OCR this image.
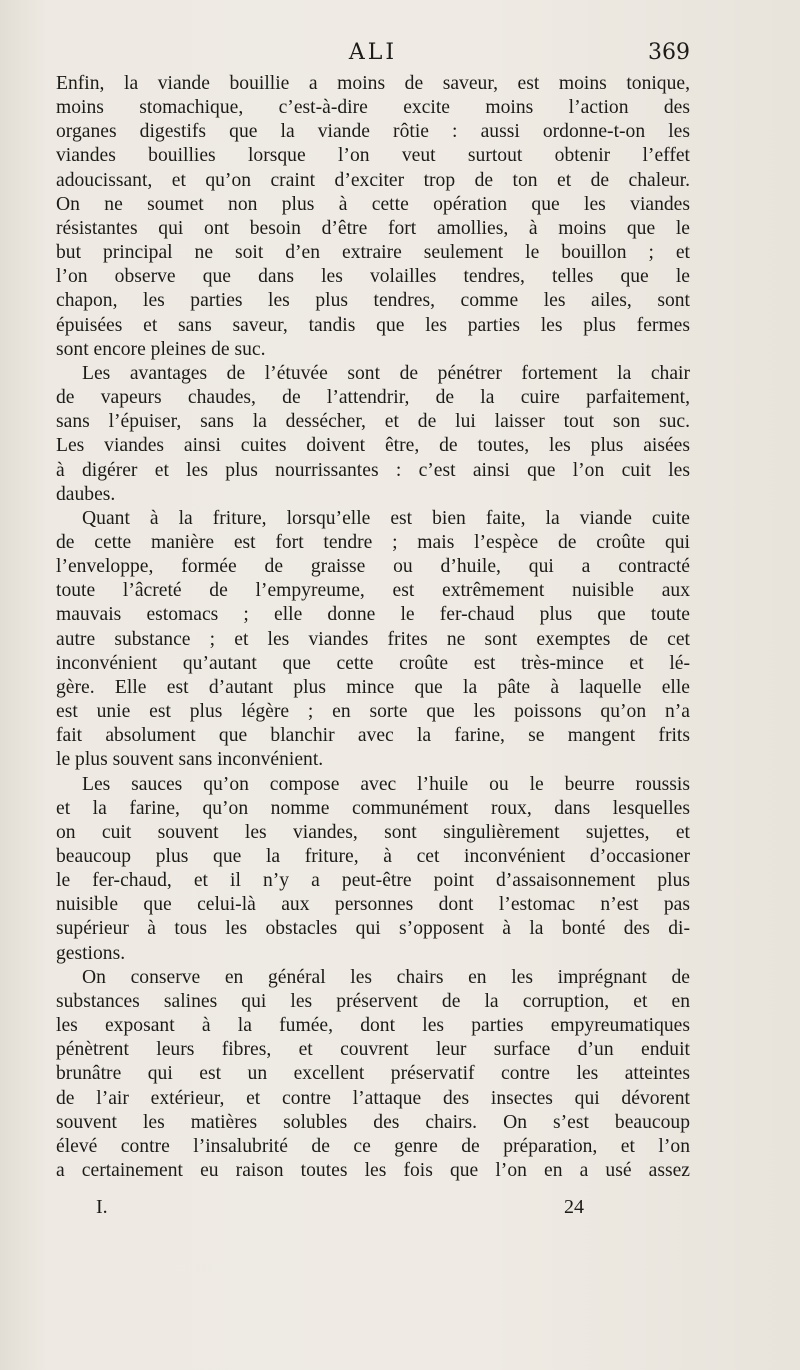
ALI	369

Enfin, la viande bouillie a moins de saveur, est moins tonique,

moins stomachique, c’est-à-dire excite moins l’action des

organes digestifs que la viande rôtie : aussi ordonne-t-on les

viandes bouillies lorsque l’on veut surtout obtenir l’effet

adoucissant, et qu’on craint d’exciter trop de ton et de chaleur.

On ne soumet non plus à cette opération que les viandes

résistantes qui ont besoin d’être fort amollies, à moins que le

but principal ne soit d’en extraire seulement le bouillon ; et

l’on observe que dans les volailles tendres, telles que le

chapon, les parties les plus tendres, comme les ailes, sont

épuisées et sans saveur, tandis que les parties les plus fermes

sont encore pleines de suc.

Les avantages de l’étuvée sont de pénétrer fortement la chair

de vapeurs chaudes, de l’attendrir, de la cuire parfaitement,

sans l’épuiser, sans la dessécher, et de lui laisser tout son suc.

Les viandes ainsi cuites doivent être, de toutes, les plus aisées

à digérer et les plus nourrissantes : c’est ainsi que l’on cuit les

daubes.

Quant à la friture, lorsqu’elle est bien faite, la viande cuite

de cette manière est fort tendre ; mais l’espèce de croûte qui

l’enveloppe, formée de graisse ou d’huile, qui a contracté

toute l’âcreté de l’empyreume, est extrêmement nuisible aux

mauvais estomacs ; elle donne le fer-chaud plus que toute

autre substance ; et les viandes frites ne sont exemptes de cet

inconvénient qu’autant que cette croûte est très-mince et lé-

gère. Elle est d’autant plus mince que la pâte à laquelle elle

est unie est plus légère ; en sorte que les poissons qu’on n’a

fait absolument que blanchir avec la farine, se mangent frits

le plus souvent sans inconvénient.

Les sauces qu’on compose avec l’huile ou le beurre roussis

et la farine, qu’on nomme communément roux, dans lesquelles

on cuit souvent les viandes, sont singulièrement sujettes, et

beaucoup plus que la friture, à cet inconvénient d’occasioner

le fer-chaud, et il n’y a peut-être point d’assaisonnement plus

nuisible que celui-là aux personnes dont l’estomac n’est pas

supérieur à tous les obstacles qui s’opposent à la bonté des di-

gestions.

On conserve en général les chairs en les imprégnant de

substances salines qui les préservent de la corruption, et en

les exposant à la fumée, dont les parties empyreumatiques

pénètrent leurs fibres, et couvrent leur surface d’un enduit

brunâtre qui est un excellent préservatif contre les atteintes

de l’air extérieur, et contre l’attaque des insectes qui dévorent

souvent les matières solubles des chairs. On s’est beaucoup

élevé contre l’insalubrité de ce genre de préparation, et l’on

a certainement eu raison toutes les fois que l’on en a usé assez

I.	24
